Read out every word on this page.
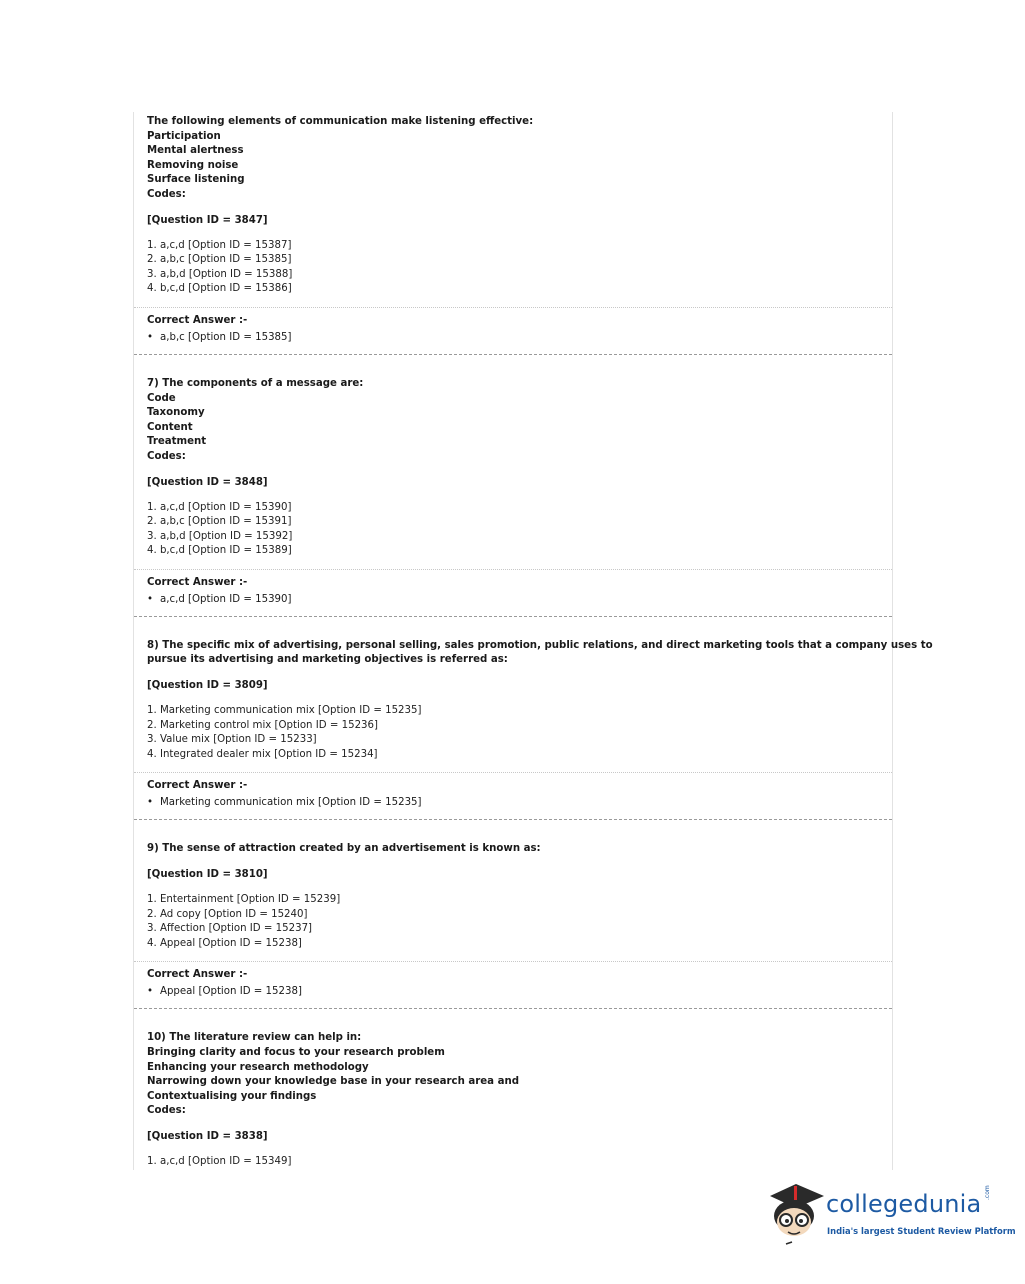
The following elements of communication make listening effective:
Participation
Mental alertness
Removing noise
Surface listening
Codes:
[Question ID = 3847]
1. a,c,d [Option ID = 15387]
2. a,b,c [Option ID = 15385]
3. a,b,d [Option ID = 15388]
4. b,c,d [Option ID = 15386]
Correct Answer :-
• a,b,c [Option ID = 15385]
7) The components of a message are:
Code
Taxonomy
Content
Treatment
Codes:
[Question ID = 3848]
1. a,c,d [Option ID = 15390]
2. a,b,c [Option ID = 15391]
3. a,b,d [Option ID = 15392]
4. b,c,d [Option ID = 15389]
Correct Answer :-
• a,c,d [Option ID = 15390]
8) The specific mix of advertising, personal selling, sales promotion, public relations, and direct marketing tools that a company uses to
pursue its advertising and marketing objectives is referred as:
[Question ID = 3809]
1. Marketing communication mix [Option ID = 15235]
2. Marketing control mix [Option ID = 15236]
3. Value mix [Option ID = 15233]
4. Integrated dealer mix [Option ID = 15234]
Correct Answer :-
• Marketing communication mix [Option ID = 15235]
9) The sense of attraction created by an advertisement is known as:
[Question ID = 3810]
1. Entertainment [Option ID = 15239]
2. Ad copy [Option ID = 15240]
3. Affection [Option ID = 15237]
4. Appeal [Option ID = 15238]
Correct Answer :-
• Appeal [Option ID = 15238]
10) The literature review can help in:
Bringing clarity and focus to your research problem
Enhancing your research methodology
Narrowing down your knowledge base in your research area and
Contextualising your findings
Codes:
[Question ID = 3838]
1. a,c,d [Option ID = 15349]
collegedunia .com
India's largest Student Review Platform
